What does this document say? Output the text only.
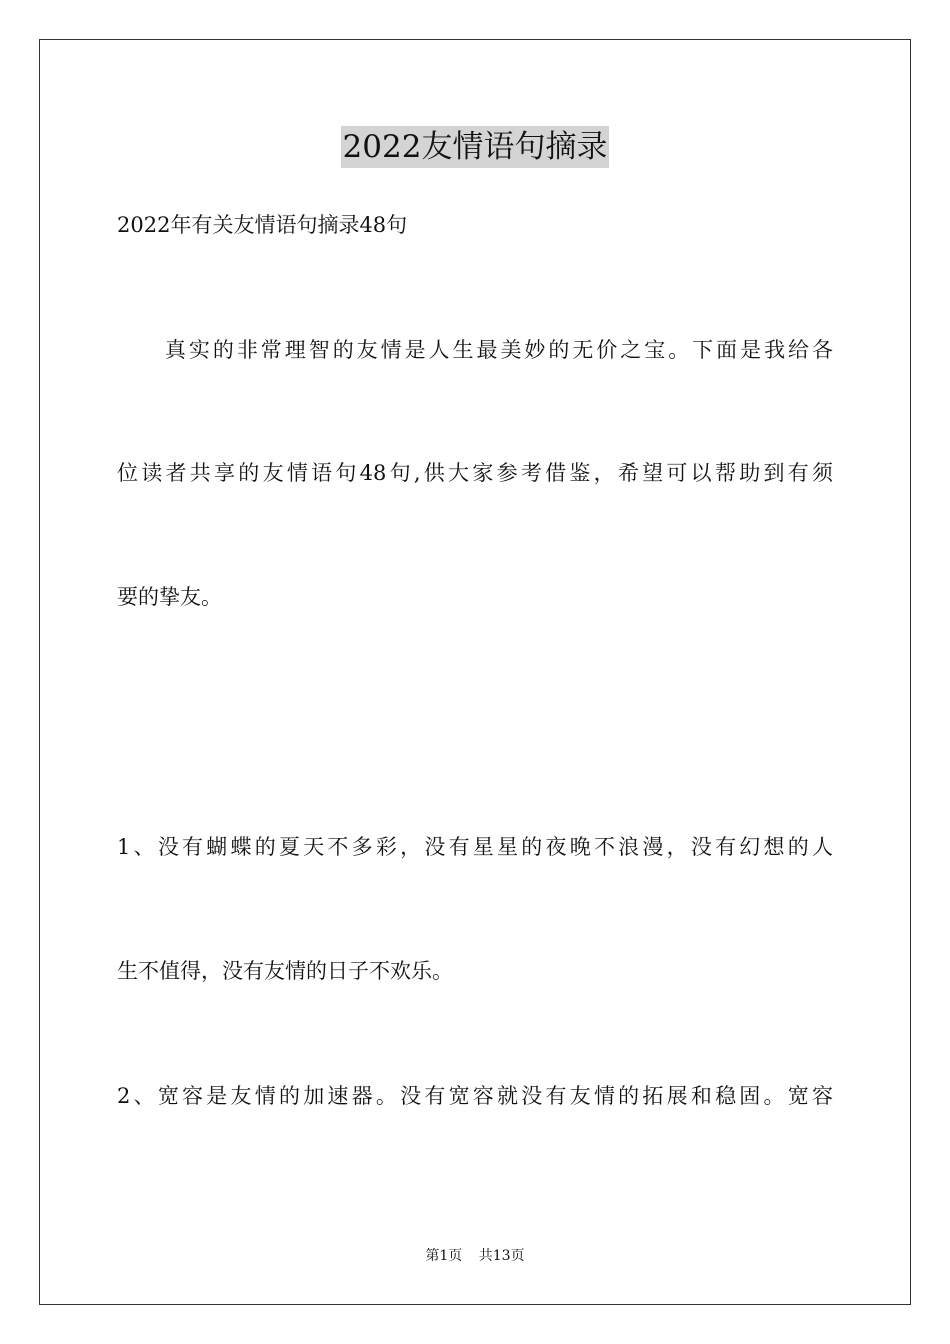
2022友情语句摘录
2022年有关友情语句摘录48句
　　真实的非常理智的友情是人生最美妙的无价之宝。下面是我给各
位读者共享的友情语句48句,供大家参考借鉴，希望可以帮助到有须
要的挚友。
1、没有蝴蝶的夏天不多彩，没有星星的夜晚不浪漫，没有幻想的人
生不值得，没有友情的日子不欢乐。
2、宽容是友情的加速器。没有宽容就没有友情的拓展和稳固。宽容
第1页 共13页
